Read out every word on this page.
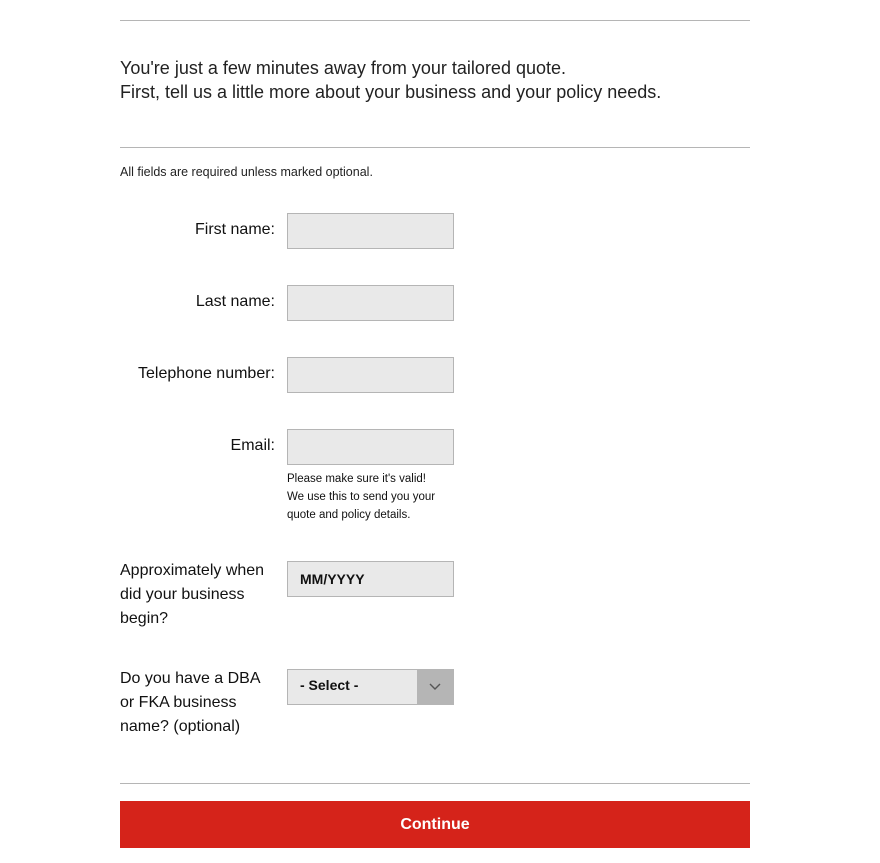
You're just a few minutes away from your tailored quote.
First, tell us a little more about your business and your policy needs.
All fields are required unless marked optional.
First name:
Last name:
Telephone number:
Email:
Please make sure it's valid!
We use this to send you your
quote and policy details.
Approximately when
did your business
begin?
MM/YYYY
Do you have a DBA
or FKA business
name? (optional)
- Select -
Continue
